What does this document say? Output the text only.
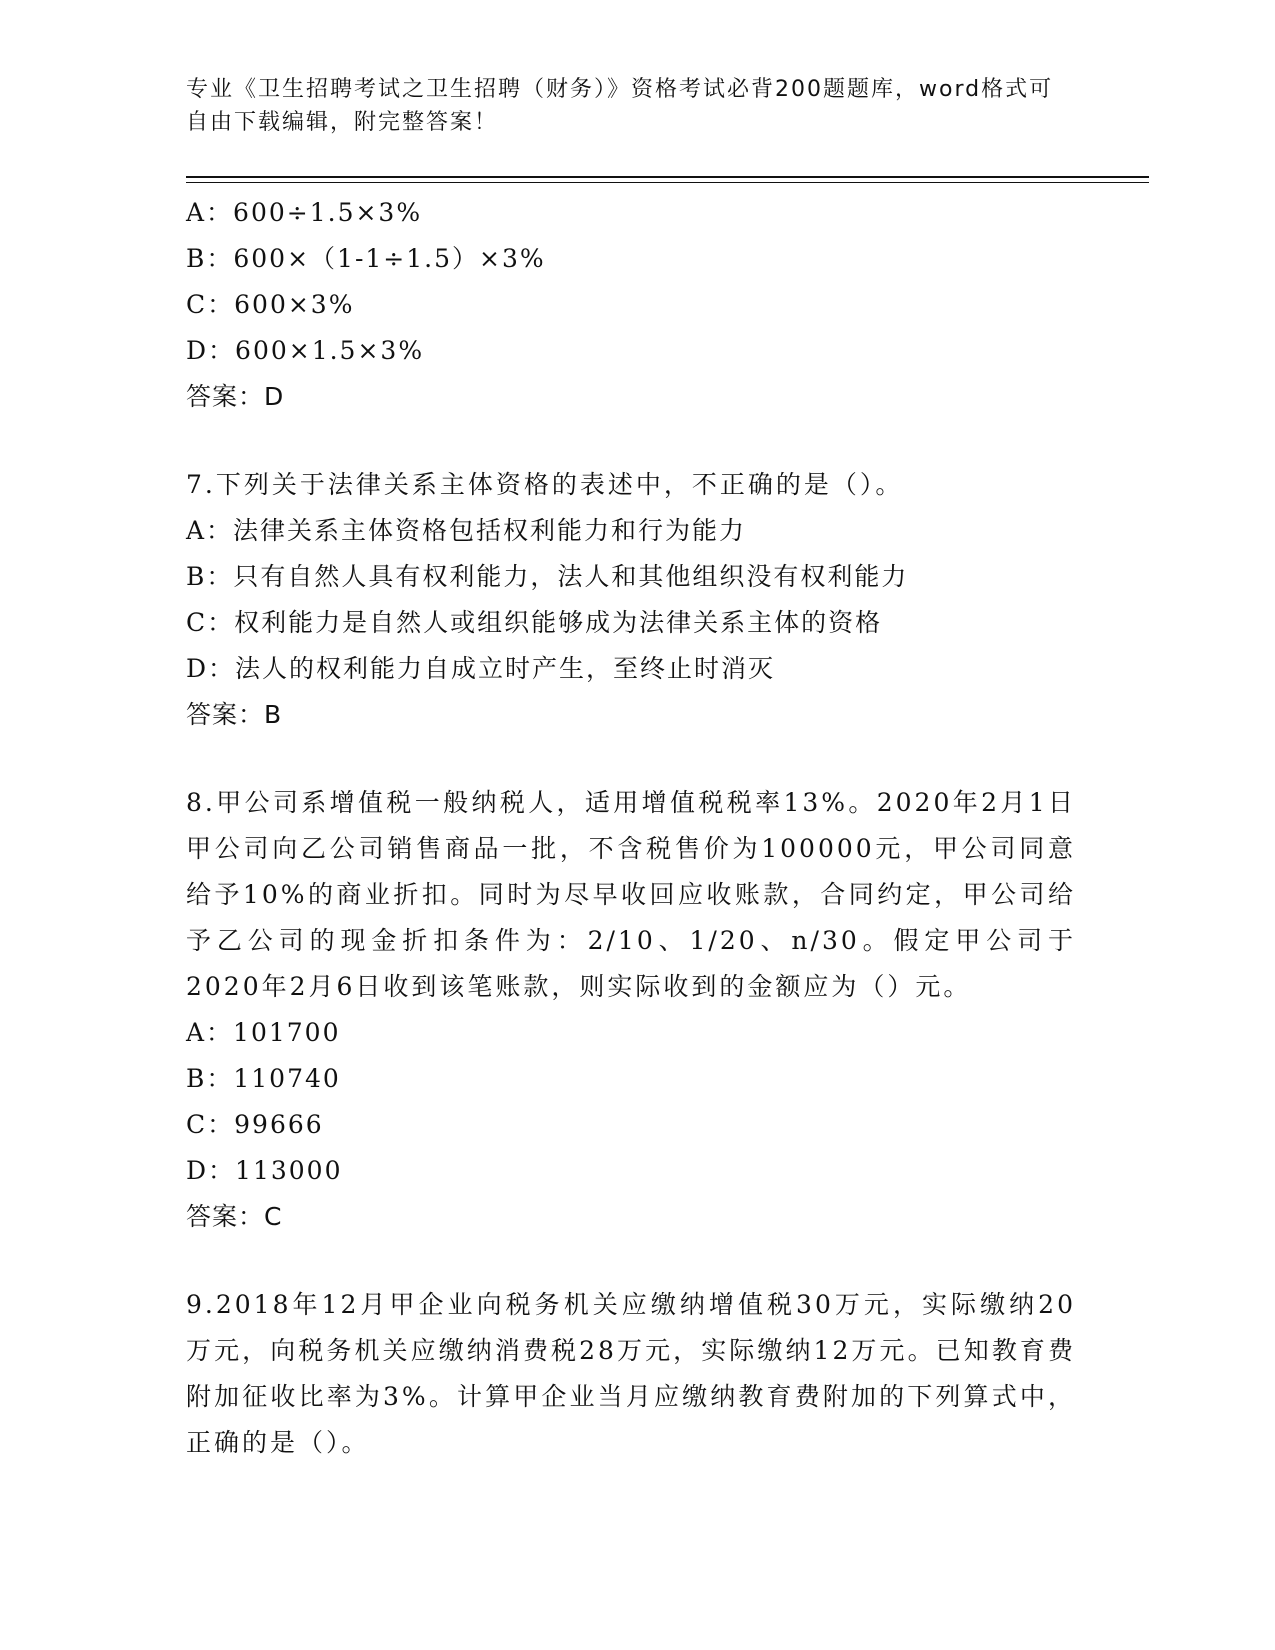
专业《卫生招聘考试之卫生招聘（财务）》资格考试必背200题题库，word格式可自由下载编辑，附完整答案！
A：600÷1.5×3%
B：600×（1-1÷1.5）×3%
C：600×3%
D：600×1.5×3%
答案：D
7.下列关于法律关系主体资格的表述中，不正确的是（）。
A：法律关系主体资格包括权利能力和行为能力
B：只有自然人具有权利能力，法人和其他组织没有权利能力
C：权利能力是自然人或组织能够成为法律关系主体的资格
D：法人的权利能力自成立时产生，至终止时消灭
答案：B
8.甲公司系增值税一般纳税人，适用增值税税率13%。2020年2月1日甲公司向乙公司销售商品一批，不含税售价为100000元，甲公司同意给予10%的商业折扣。同时为尽早收回应收账款，合同约定，甲公司给予乙公司的现金折扣条件为：2/10、1/20、n/30。假定甲公司于2020年2月6日收到该笔账款，则实际收到的金额应为（）元。
A：101700
B：110740
C：99666
D：113000
答案：C
9.2018年12月甲企业向税务机关应缴纳增值税30万元，实际缴纳20万元，向税务机关应缴纳消费税28万元，实际缴纳12万元。已知教育费附加征收比率为3%。计算甲企业当月应缴纳教育费附加的下列算式中，正确的是（）。
